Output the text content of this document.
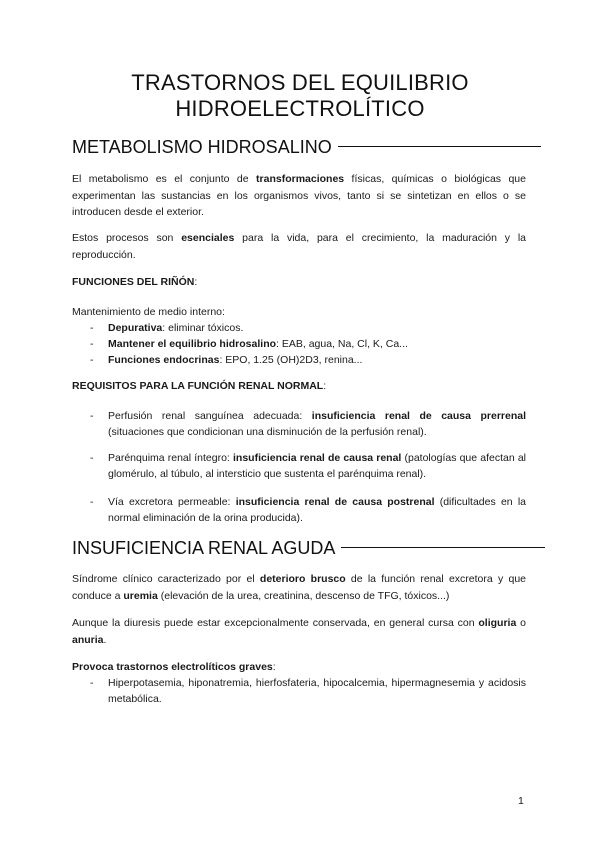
TRASTORNOS DEL EQUILIBRIO
HIDROELECTROLÍTICO
METABOLISMO HIDROSALINO
El metabolismo es el conjunto de transformaciones físicas, químicas o biológicas que experimentan las sustancias en los organismos vivos, tanto si se sintetizan en ellos o se introducen desde el exterior.
Estos procesos son esenciales para la vida, para el crecimiento, la maduración y la reproducción.
FUNCIONES DEL RIÑÓN:
Mantenimiento de medio interno:
- Depurativa: eliminar tóxicos.
- Mantener el equilibrio hidrosalino: EAB, agua, Na, Cl, K, Ca...
- Funciones endocrinas: EPO, 1.25 (OH)2D3, renina...
REQUISITOS PARA LA FUNCIÓN RENAL NORMAL:
- Perfusión renal sanguínea adecuada: insuficiencia renal de causa prerrenal (situaciones que condicionan una disminución de la perfusión renal).
- Parénquima renal íntegro: insuficiencia renal de causa renal (patologías que afectan al glomérulo, al túbulo, al intersticio que sustenta el parénquima renal).
- Vía excretora permeable: insuficiencia renal de causa postrenal (dificultades en la normal eliminación de la orina producida).
INSUFICIENCIA RENAL AGUDA
Síndrome clínico caracterizado por el deterioro brusco de la función renal excretora y que conduce a uremia (elevación de la urea, creatinina, descenso de TFG, tóxicos...)
Aunque la diuresis puede estar excepcionalmente conservada, en general cursa con oliguria o anuria.
Provoca trastornos electrolíticos graves:
- Hiperpotasemia, hiponatremia, hierfosfateria, hipocalcemia, hipermagnesemia y acidosis metabólica.
1
